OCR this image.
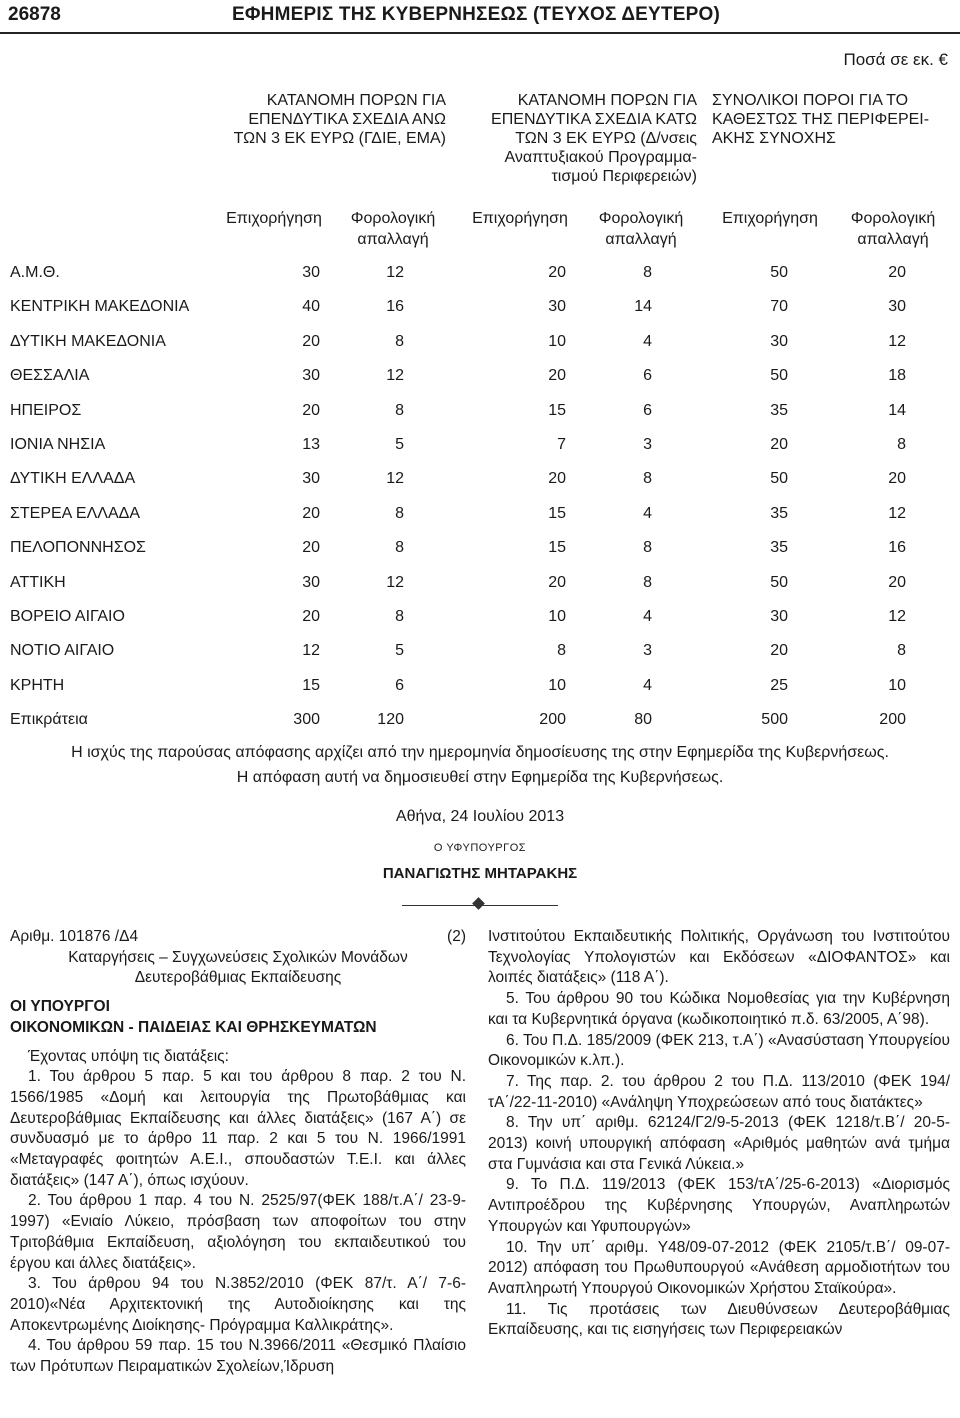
26878	ΕΦΗΜΕΡΙΣ ΤΗΣ ΚΥΒΕΡΝΗΣΕΩΣ (ΤΕΥΧΟΣ ΔΕΥΤΕΡΟ)
Ποσά σε εκ. €
ΚΑΤΑΝΟΜΗ ΠΟΡΩΝ ΓΙΑ
ΕΠΕΝΔΥΤΙΚΑ ΣΧΕΔΙΑ ΑΝΩ
ΤΩΝ 3 ΕΚ ΕΥΡΩ (ΓΔΙΕ, ΕΜΑ)
ΚΑΤΑΝΟΜΗ ΠΟΡΩΝ ΓΙΑ
ΕΠΕΝΔΥΤΙΚΑ ΣΧΕΔΙΑ ΚΑΤΩ
ΤΩΝ 3 ΕΚ ΕΥΡΩ (Δ/νσεις
Αναπτυξιακού Προγραμμα-
τισμού Περιφερειών)
ΣΥΝΟΛΙΚΟΙ ΠΟΡΟΙ ΓΙΑ ΤΟ
ΚΑΘΕΣΤΩΣ ΤΗΣ ΠΕΡΙΦΕΡΕΙ-
ΑΚΗΣ ΣΥΝΟΧΗΣ
Επιχορήγηση	Φορολογική
απαλλαγή
Επιχορήγηση	Φορολογική
απαλλαγή
Επιχορήγηση	Φορολογική
απαλλαγή
Α.Μ.Θ.	30	12	20	8	50	20
ΚΕΝΤΡΙΚΗ ΜΑΚΕΔΟΝΙΑ	40	16	30	14	70	30
ΔΥΤΙΚΗ ΜΑΚΕΔΟΝΙΑ	20	8	10	4	30	12
ΘΕΣΣΑΛΙΑ	30	12	20	6	50	18
ΗΠΕΙΡΟΣ	20	8	15	6	35	14
ΙΟΝΙΑ ΝΗΣΙΑ	13	5	7	3	20	8
ΔΥΤΙΚΗ ΕΛΛΑΔΑ	30	12	20	8	50	20
ΣΤΕΡΕΑ ΕΛΛΑΔΑ	20	8	15	4	35	12
ΠΕΛΟΠΟΝΝΗΣΟΣ	20	8	15	8	35	16
ΑΤΤΙΚΗ	30	12	20	8	50	20
ΒΟΡΕΙΟ ΑΙΓΑΙΟ	20	8	10	4	30	12
ΝΟΤΙΟ ΑΙΓΑΙΟ	12	5	8	3	20	8
ΚΡΗΤΗ	15	6	10	4	25	10
Επικράτεια	300	120	200	80	500	200
Η ισχύς της παρούσας απόφασης αρχίζει από την ημερομηνία δημοσίευσης της στην Εφημερίδα της Κυβερνήσεως.
Η απόφαση αυτή να δημοσιευθεί στην Εφημερίδα της Κυβερνήσεως.
Αθήνα, 24 Ιουλίου 2013
Ο ΥΦΥΠΟΥΡΓΟΣ
ΠΑΝΑΓΙΩΤΗΣ ΜΗΤΑΡΑΚΗΣ

Αριθμ. 101876 /Δ4	(2)

Καταργήσεις – Συγχωνεύσεις Σχολικών Μονάδων

Δευτεροβάθμιας Εκπαίδευσης

ΟΙ ΥΠΟΥΡΓΟΙ

ΟΙΚΟΝΟΜΙΚΩΝ - ΠΑΙΔΕΙΑΣ ΚΑΙ ΘΡΗΣΚΕΥΜΑΤΩΝ

Έχοντας υπόψη τις διατάξεις:

1. Του άρθρου 5 παρ. 5 και του άρθρου 8 παρ. 2 του Ν. 1566/1985 «Δομή και λειτουργία της Πρωτοβάθμιας και Δευτεροβάθμιας Εκπαίδευσης και άλλες διατάξεις» (167 Α΄) σε συνδυασμό με το άρθρο 11 παρ. 2 και 5 του Ν. 1966/1991 «Μεταγραφές φοιτητών Α.Ε.Ι., σπουδαστών Τ.Ε.Ι. και άλλες διατάξεις» (147 Α΄), όπως ισχύουν.

2. Του άρθρου 1 παρ. 4 του Ν. 2525/97(ΦΕΚ 188/τ.Α΄/ 23-9-1997) «Ενιαίο Λύκειο, πρόσβαση των αποφοίτων του στην Τριτοβάθμια Εκπαίδευση, αξιολόγηση του εκπαιδευτικού του έργου και άλλες διατάξεις».

3. Του άρθρου 94 του Ν.3852/2010 (ΦΕΚ 87/τ. Α΄/ 7-6-2010)«Νέα Αρχιτεκτονική της Αυτοδιοίκησης και της Αποκεντρωμένης Διοίκησης- Πρόγραμμα Καλλικράτης».

4. Του άρθρου 59 παρ. 15 του Ν.3966/2011 «Θεσμικό Πλαίσιο των Πρότυπων Πειραματικών Σχολείων,Ίδρυση

Ινστιτούτου Εκπαιδευτικής Πολιτικής, Οργάνωση του Ινστιτούτου Τεχνολογίας Υπολογιστών και Εκδόσεων «ΔΙΟΦΑΝΤΟΣ» και λοιπές διατάξεις» (118 Α΄).

5. Του άρθρου 90 του Κώδικα Νομοθεσίας για την Κυβέρνηση και τα Κυβερνητικά όργανα (κωδικοποιητικό π.δ. 63/2005, Α΄98).

6. Του Π.Δ. 185/2009 (ΦΕΚ 213, τ.Α΄) «Ανασύσταση Υπουργείου Οικονομικών κ.λπ.).

7. Της παρ. 2. του άρθρου 2 του Π.Δ. 113/2010 (ΦΕΚ 194/τΑ΄/22-11-2010) «Ανάληψη Υποχρεώσεων από τους διατάκτες»

8. Την υπ΄ αριθμ. 62124/Γ2/9-5-2013 (ΦΕΚ 1218/τ.Β΄/ 20-5-2013) κοινή υπουργική απόφαση «Αριθμός μαθητών ανά τμήμα στα Γυμνάσια και στα Γενικά Λύκεια.»

9. Το Π.Δ. 119/2013 (ΦΕΚ 153/τΑ΄/25-6-2013) «Διορισμός Αντιπροέδρου της Κυβέρνησης Υπουργών, Αναπληρωτών Υπουργών και Υφυπουργών»

10. Την υπ΄ αριθμ. Υ48/09-07-2012 (ΦΕΚ 2105/τ.Β΄/ 09-07-2012) απόφαση του Πρωθυπουργού «Ανάθεση αρμοδιοτήτων του Αναπληρωτή Υπουργού Οικονομικών Χρήστου Σταϊκούρα».

11. Τις προτάσεις των Διευθύνσεων Δευτεροβάθμιας Εκπαίδευσης, και τις εισηγήσεις των Περιφερειακών
